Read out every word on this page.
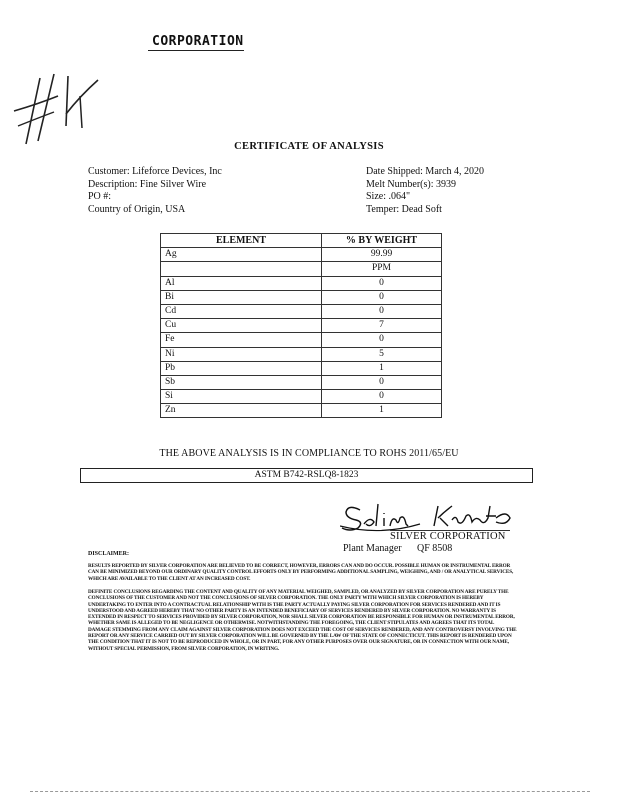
CORPORATION
CERTIFICATE OF ANALYSIS
Customer: Lifeforce Devices, Inc
Description: Fine Silver Wire
PO #:
Country of Origin, USA
Date Shipped: March 4, 2020
Melt Number(s): 3939
Size: .064"
Temper: Dead Soft
ELEMENT	% BY WEIGHT
Ag	99.99
	PPM
Al	0
Bi	0
Cd	0
Cu	7
Fe	0
Ni	5
Pb	1
Sb	0
Si	0
Zn	1
THE ABOVE ANALYSIS IS IN COMPLIANCE TO ROHS 2011/65/EU
ASTM B742-RSLQ8-1823
SILVER CORPORATION
Plant Manager QF 8508
DISCLAIMER:
RESULTS REPORTED BY SILVER CORPORATION ARE BELIEVED TO BE CORRECT, HOWEVER, ERRORS CAN AND DO OCCUR. POSSIBLE HUMAN OR INSTRUMENTAL ERROR CAN BE MINIMIZED BEYOND OUR ORDINARY QUALITY CONTROL EFFORTS ONLY BY PERFORMING ADDITIONAL SAMPLING, WEIGHING, AND / OR ANALYTICAL SERVICES, WHICH ARE AVAILABLE TO THE CLIENT AT AN INCREASED COST.
DEFINITE CONCLUSIONS REGARDING THE CONTENT AND QUALITY OF ANY MATERIAL WEIGHED, SAMPLED, OR ANALYZED BY SILVER CORPORATION ARE PURELY THE CONCLUSIONS OF THE CUSTOMER AND NOT THE CONCLUSIONS OF SILVER CORPORATION. THE ONLY PARTY WITH WHICH SILVER CORPORATION IS HEREBY UNDERTAKING TO ENTER INTO A CONTRACTUAL RELATIONSHIP WITH IS THE PARTY ACTUALLY PAYING SILVER CORPORATION FOR SERVICES RENDERED AND IT IS UNDERSTOOD AND AGREED HEREBY THAT NO OTHER PARTY IS AN INTENDED BENEFICIARY OF SERVICES RENDERED BY SILVER CORPORATION. NO WARRANTY IS EXTENDED IN RESPECT TO SERVICES PROVIDED BY SILVER CORPORATION, NOR SHALL SILVER CORPORATION BE RESPONSIBLE FOR HUMAN OR INSTRUMENTAL ERROR, WHETHER SAME IS ALLEGED TO BE NEGLIGENCE OR OTHERWISE. NOTWITHSTANDING THE FOREGOING, THE CLIENT STIPULATES AND AGREES THAT ITS TOTAL DAMAGE STEMMING FROM ANY CLAIM AGAINST SILVER CORPORATION DOES NOT EXCEED THE COST OF SERVICES RENDERED, AND ANY CONTROVERSY INVOLVING THE REPORT OR ANY SERVICE CARRIED OUT BY SILVER CORPORATION WILL BE GOVERNED BY THE LAW OF THE STATE OF CONNECTICUT. THIS REPORT IS RENDERED UPON THE CONDITION THAT IT IS NOT TO BE REPRODUCED IN WHOLE, OR IN PART, FOR ANY OTHER PURPOSES OVER OUR SIGNATURE, OR IN CONNECTION WITH OUR NAME, WITHOUT SPECIAL PERMISSION, FROM SILVER CORPORATION, IN WRITING.
